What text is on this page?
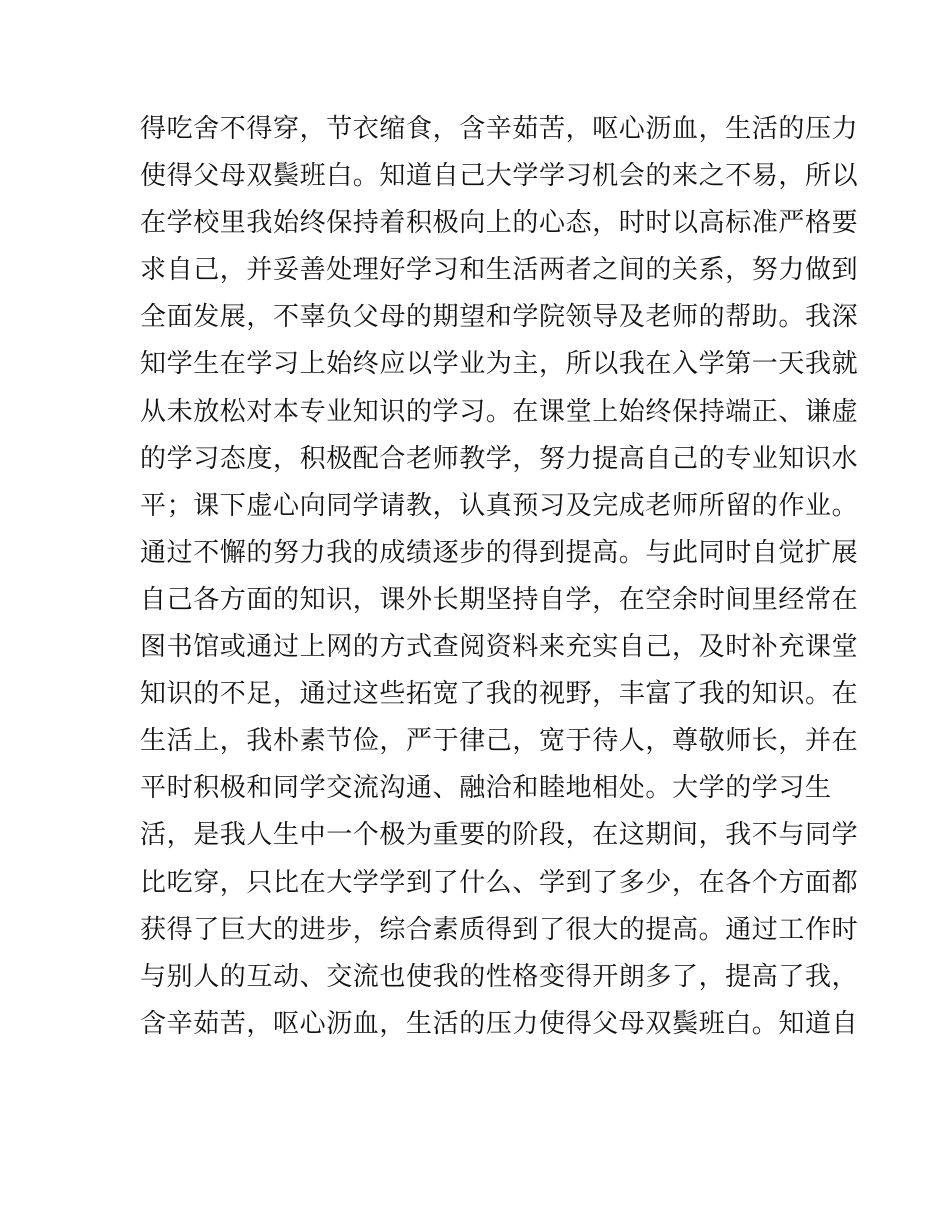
得吃舍不得穿，节衣缩食，含辛茹苦，呕心沥血，生活的压力
使得父母双鬓班白。知道自己大学学习机会的来之不易，所以
在学校里我始终保持着积极向上的心态，时时以高标准严格要
求自己，并妥善处理好学习和生活两者之间的关系，努力做到
全面发展，不辜负父母的期望和学院领导及老师的帮助。我深
知学生在学习上始终应以学业为主，所以我在入学第一天我就
从未放松对本专业知识的学习。在课堂上始终保持端正、谦虚
的学习态度，积极配合老师教学，努力提高自己的专业知识水
平；课下虚心向同学请教，认真预习及完成老师所留的作业。
通过不懈的努力我的成绩逐步的得到提高。与此同时自觉扩展
自己各方面的知识，课外长期坚持自学，在空余时间里经常在
图书馆或通过上网的方式查阅资料来充实自己，及时补充课堂
知识的不足，通过这些拓宽了我的视野，丰富了我的知识。在
生活上，我朴素节俭，严于律己，宽于待人，尊敬师长，并在
平时积极和同学交流沟通、融洽和睦地相处。大学的学习生
活，是我人生中一个极为重要的阶段，在这期间，我不与同学
比吃穿，只比在大学学到了什么、学到了多少，在各个方面都
获得了巨大的进步，综合素质得到了很大的提高。通过工作时
与别人的互动、交流也使我的性格变得开朗多了，提高了我，
含辛茹苦，呕心沥血，生活的压力使得父母双鬓班白。知道自
